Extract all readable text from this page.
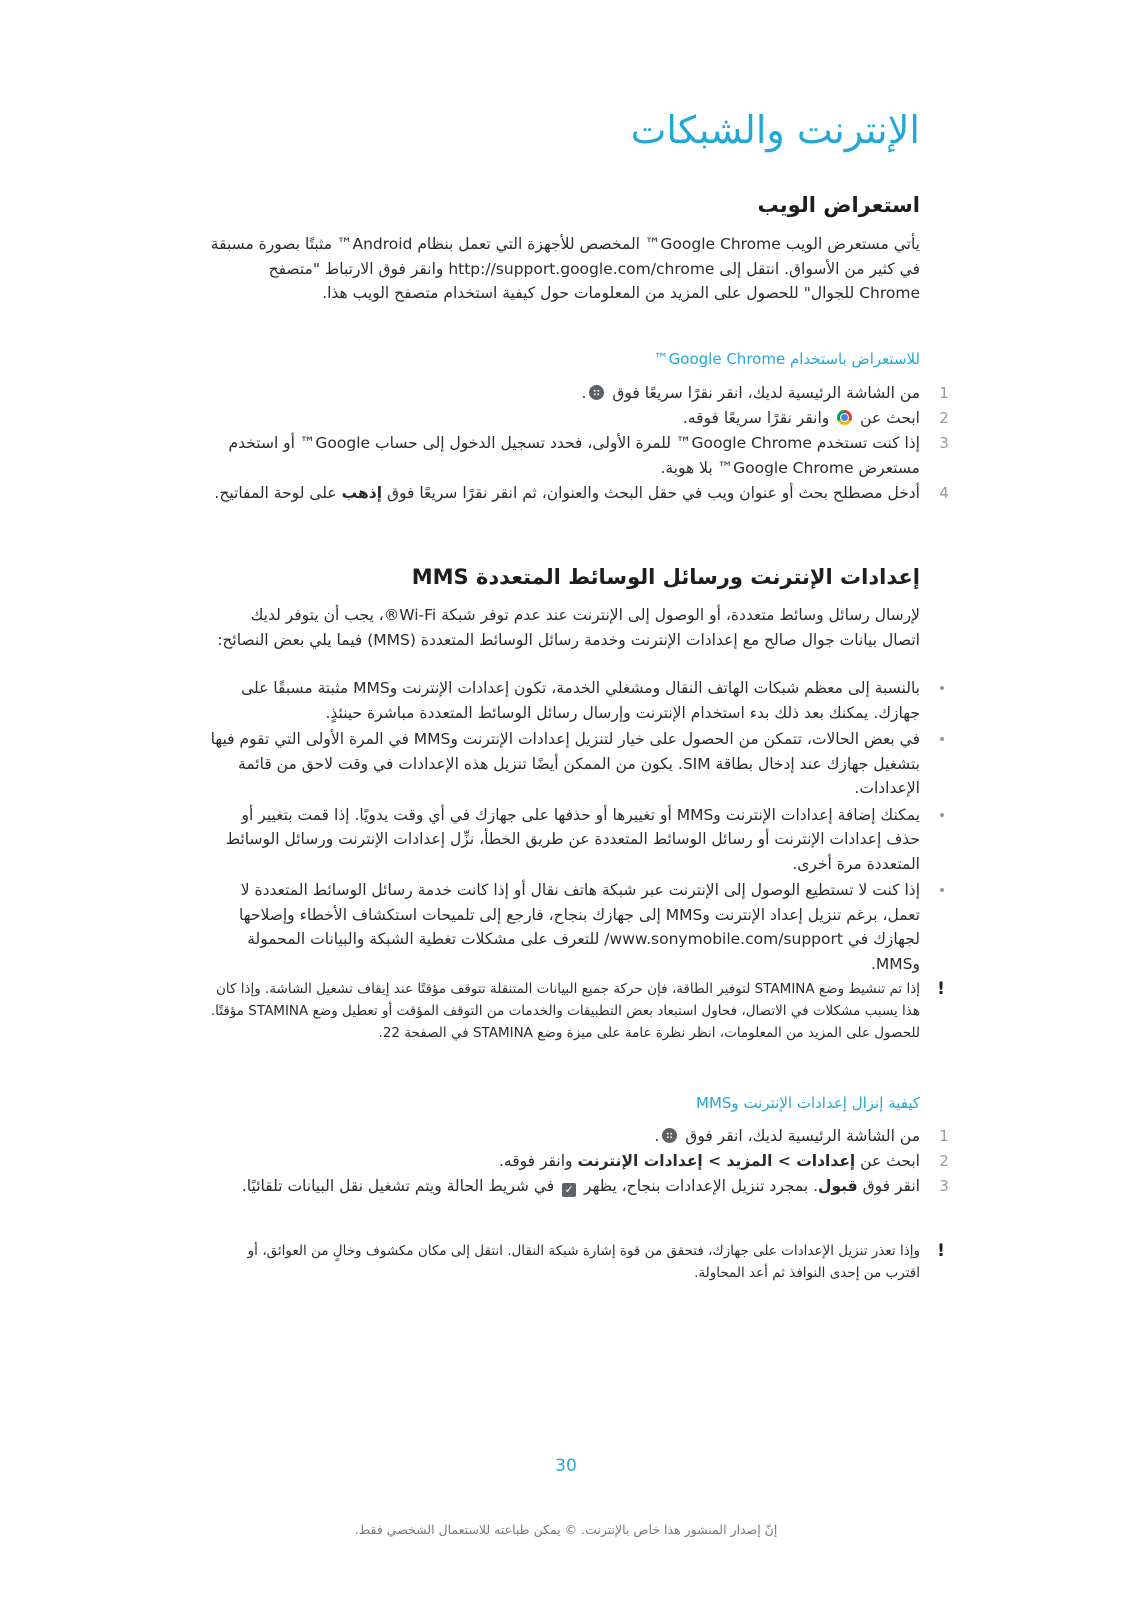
الإنترنت والشبكات
استعراض الويب

يأتي مستعرض الويب Google Chrome™ المخصص للأجهزة التي تعمل بنظام Android™ مثبتًا بصورة مسبقة في كثير من الأسواق. انتقل إلى http://support.google.com/chrome وانقر فوق الارتباط "متصفح Chrome للجوال" للحصول على المزيد من المعلومات حول كيفية استخدام متصفح الويب هذا.

للاستعراض باستخدام Google Chrome™
1
من الشاشة الرئيسية لديك، انقر نقرًا سريعًا فوق .
2
ابحث عن  وانقر نقرًا سريعًا فوقه.
3
إذا كنت تستخدم Google Chrome™ للمرة الأولى، فحدد تسجيل الدخول إلى حساب Google™ أو استخدم مستعرض Google Chrome™ بلا هوية.
4
أدخل مصطلح بحث أو عنوان ويب في حقل البحث والعنوان، ثم انقر نقرًا سريعًا فوق إذهب على لوحة المفاتيح.
إعدادات الإنترنت ورسائل الوسائط المتعددة MMS

لإرسال رسائل وسائط متعددة، أو الوصول إلى الإنترنت عند عدم توفر شبكة Wi-Fi®، يجب أن يتوفر لديك اتصال بيانات جوال صالح مع إعدادات الإنترنت وخدمة رسائل الوسائط المتعددة (MMS) فيما يلي بعض النصائح:

بالنسبة إلى معظم شبكات الهاتف النقال ومشغلي الخدمة، تكون إعدادات الإنترنت وMMS مثبتة مسبقًا على جهازك. يمكنك بعد ذلك بدء استخدام الإنترنت وإرسال رسائل الوسائط المتعددة مباشرة حينئذٍ.
في بعض الحالات، تتمكن من الحصول على خيار لتنزيل إعدادات الإنترنت وMMS في المرة الأولى التي تقوم فيها بتشغيل جهازك عند إدخال بطاقة SIM. يكون من الممكن أيضًا تنزيل هذه الإعدادات في وقت لاحق من قائمة الإعدادات.
يمكنك إضافة إعدادات الإنترنت وMMS أو تغييرها أو حذفها على جهازك في أي وقت يدويًا. إذا قمت بتغيير أو حذف إعدادات الإنترنت أو رسائل الوسائط المتعددة عن طريق الخطأ، نزِّل إعدادات الإنترنت ورسائل الوسائط المتعددة مرة أخرى.
إذا كنت لا تستطيع الوصول إلى الإنترنت عبر شبكة هاتف نقال أو إذا كانت خدمة رسائل الوسائط المتعددة لا تعمل، برغم تنزيل إعداد الإنترنت وMMS إلى جهازك بنجاح، فارجع إلى تلميحات استكشاف الأخطاء وإصلاحها لجهازك في www.sonymobile.com/support/ للتعرف على مشكلات تغطية الشبكة والبيانات المحمولة وMMS.

!
إذا تم تنشيط وضع STAMINA لتوفير الطاقة، فإن حركة جميع البيانات المتنقلة تتوقف مؤقتًا عند إيقاف تشغيل الشاشة. وإذا كان هذا يسبب مشكلات في الاتصال، فحاول استبعاد بعض التطبيقات والخدمات من التوقف المؤقت أو تعطيل وضع STAMINA مؤقتًا. للحصول على المزيد من المعلومات، انظر نظرة عامة على ميزة وضع STAMINA في الصفحة 22.

كيفية إنزال إعدادات الإنترنت وMMS
1
من الشاشة الرئيسية لديك، انقر فوق .
2
ابحث عن إعدادات > المزيد > إعدادات الإنترنت وانقر فوقه.
3
انقر فوق قبول. بمجرد تنزيل الإعدادات بنجاح، يظهر ✓ في شريط الحالة ويتم تشغيل نقل البيانات تلقائيًا.

!
وإذا تعذر تنزيل الإعدادات على جهازك، فتحقق من قوة إشارة شبكة النقال. انتقل إلى مكان مكشوف وخالٍ من العوائق، أو اقترب من إحدى النوافذ ثم أعد المحاولة.

30
إنّ إصدار المنشور هذا خاص بالإنترنت. © يمكن طباعته للاستعمال الشخصي فقط.
